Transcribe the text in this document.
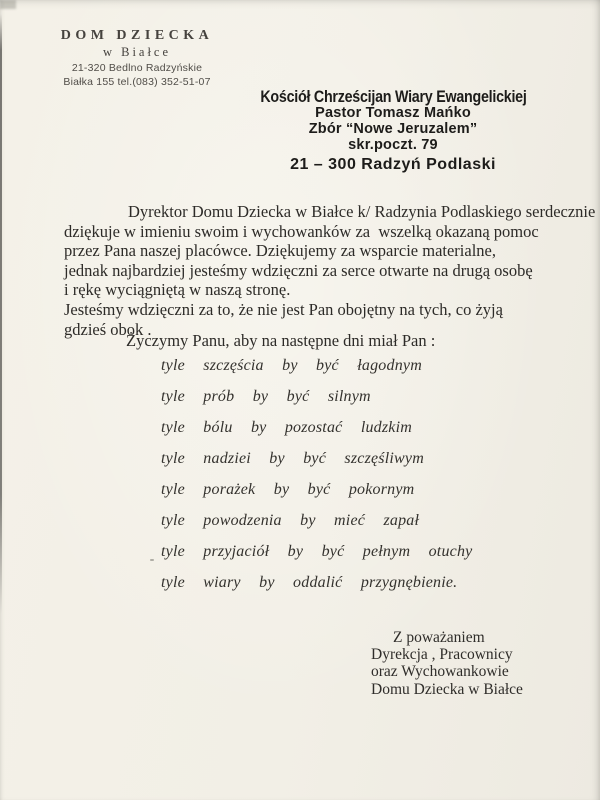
DOM DZIECKA
w Białce
21-320 Bedlno Radzyńskie
Białka 155 tel.(083) 352-51-07
Kościół Chrześcijan Wiary Ewangelickiej
Pastor Tomasz Mańko
Zbór “Nowe Jeruzalem”
skr.poczt. 79
21 – 300 Radzyń Podlaski
Dyrektor Domu Dziecka w Białce k/ Radzynia Podlaskiego serdecznie
dziękuje w imieniu swoim i wychowanków za  wszelką okazaną pomoc
przez Pana naszej placówce. Dziękujemy za wsparcie materialne,
jednak najbardziej jesteśmy wdzięczni za serce otwarte na drugą osobę
i rękę wyciągniętą w naszą stronę.
Jesteśmy wdzięczni za to, że nie jest Pan obojętny na tych, co żyją
gdzieś obok .
Życzymy Panu, aby na następne dni miał Pan :
tyle  szczęścia  by  być  łagodnym
tyle  prób  by  być  silnym
tyle  bólu  by  pozostać  ludzkim
tyle  nadziei  by  być  szczęśliwym
tyle  porażek  by  być  pokornym
tyle  powodzenia  by  mieć  zapał
tyle  przyjaciół  by  być  pełnym  otuchy
tyle  wiary  by  oddalić  przygnębienie.
Z poważaniem
Dyrekcja , Pracownicy
oraz Wychowankowie
Domu Dziecka w Białce
